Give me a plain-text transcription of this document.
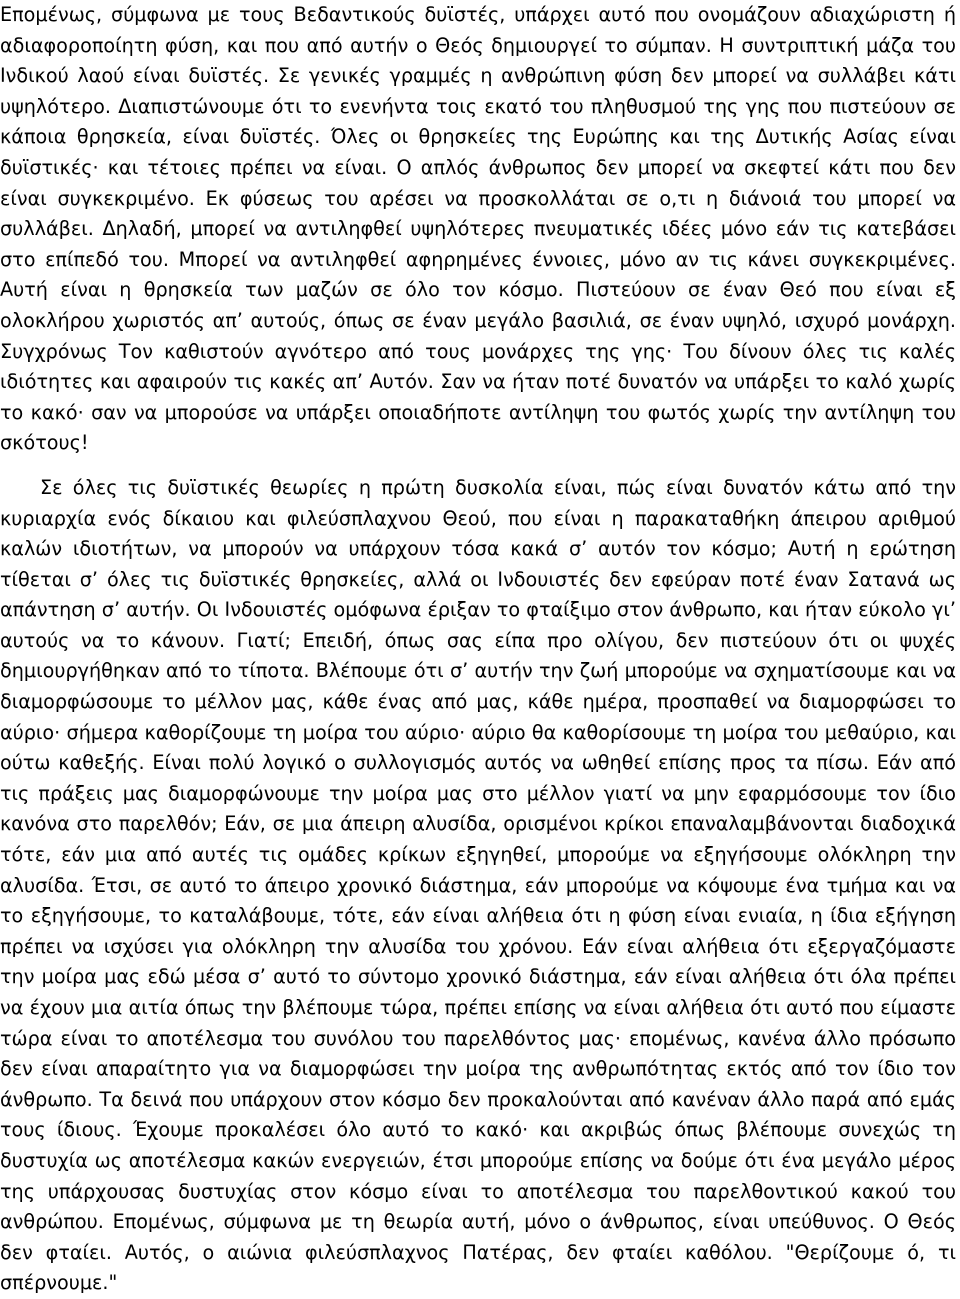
Επομένως, σύμφωνα με τους Βεδαντικούς δυϊστές, υπάρχει αυτό που ονομάζουν αδιαχώριστη ή αδιαφοροποίητη φύση, και που από αυτήν ο Θεός δημιουργεί το σύμπαν. Η συντριπτική μάζα του Ινδικού λαού είναι δυϊστές. Σε γενικές γραμμές η ανθρώπινη φύση δεν μπορεί να συλλάβει κάτι υψηλότερο. Διαπιστώνουμε ότι το ενενήντα τοις εκατό του πληθυσμού της γης που πιστεύουν σε κάποια θρησκεία, είναι δυϊστές. Όλες οι θρησκείες της Ευρώπης και της Δυτικής Ασίας είναι δυϊστικές· και τέτοιες πρέπει να είναι. Ο απλός άνθρωπος δεν μπορεί να σκεφτεί κάτι που δεν είναι συγκεκριμένο. Εκ φύσεως του αρέσει να προσκολλάται σε ο,τι η διάνοιά του μπορεί να συλλάβει. Δηλαδή, μπορεί να αντιληφθεί υψηλότερες πνευματικές ιδέες μόνο εάν τις κατεβάσει στο επίπεδό του. Μπορεί να αντιληφθεί αφηρημένες έννοιες, μόνο αν τις κάνει συγκεκριμένες. Αυτή είναι η θρησκεία των μαζών σε όλο τον κόσμο. Πιστεύουν σε έναν Θεό που είναι εξ ολοκλήρου χωριστός απ’ αυτούς, όπως σε έναν μεγάλο βασιλιά, σε έναν υψηλό, ισχυρό μονάρχη. Συγχρόνως Τον καθιστούν αγνότερο από τους μονάρχες της γης· Του δίνουν όλες τις καλές ιδιότητες και αφαιρούν τις κακές απ’ Αυτόν. Σαν να ήταν ποτέ δυνατόν να υπάρξει το καλό χωρίς το κακό· σαν να μπορούσε να υπάρξει οποιαδήποτε αντίληψη του φωτός χωρίς την αντίληψη του σκότους!

Σε όλες τις δυϊστικές θεωρίες η πρώτη δυσκολία είναι, πώς είναι δυνατόν κάτω από την κυριαρχία ενός δίκαιου και φιλεύσπλαχνου Θεού, που είναι η παρακαταθήκη άπειρου αριθμού καλών ιδιοτήτων, να μπορούν να υπάρχουν τόσα κακά σ’ αυτόν τον κόσμο; Αυτή η ερώτηση τίθεται σ’ όλες τις δυϊστικές θρησκείες, αλλά οι Ινδουιστές δεν εφεύραν ποτέ έναν Σατανά ως απάντηση σ’ αυτήν. Οι Ινδουιστές ομόφωνα έριξαν το φταίξιμο στον άνθρωπο, και ήταν εύκολο γι’ αυτούς να το κάνουν. Γιατί; Επειδή, όπως σας είπα προ ολίγου, δεν πιστεύουν ότι οι ψυχές δημιουργήθηκαν από το τίποτα. Βλέπουμε ότι σ’ αυτήν την ζωή μπορούμε να σχηματίσουμε και να διαμορφώσουμε το μέλλον μας, κάθε ένας από μας, κάθε ημέρα, προσπαθεί να διαμορφώσει το αύριο· σήμερα καθορίζουμε τη μοίρα του αύριο· αύριο θα καθορίσουμε τη μοίρα του μεθαύριο, και ούτω καθεξής. Είναι πολύ λογικό ο συλλογισμός αυτός να ωθηθεί επίσης προς τα πίσω. Εάν από τις πράξεις μας διαμορφώνουμε την μοίρα μας στο μέλλον γιατί να μην εφαρμόσουμε τον ίδιο κανόνα στο παρελθόν; Εάν, σε μια άπειρη αλυσίδα, ορισμένοι κρίκοι επαναλαμβάνονται διαδοχικά τότε, εάν μια από αυτές τις ομάδες κρίκων εξηγηθεί, μπορούμε να εξηγήσουμε ολόκληρη την αλυσίδα. Έτσι, σε αυτό το άπειρο χρονικό διάστημα, εάν μπορούμε να κόψουμε ένα τμήμα και να το εξηγήσουμε, το καταλάβουμε, τότε, εάν είναι αλήθεια ότι η φύση είναι ενιαία, η ίδια εξήγηση πρέπει να ισχύσει για ολόκληρη την αλυσίδα του χρόνου. Εάν είναι αλήθεια ότι εξεργαζόμαστε την μοίρα μας εδώ μέσα σ’ αυτό το σύντομο χρονικό διάστημα, εάν είναι αλήθεια ότι όλα πρέπει να έχουν μια αιτία όπως την βλέπουμε τώρα, πρέπει επίσης να είναι αλήθεια ότι αυτό που είμαστε τώρα είναι το αποτέλεσμα του συνόλου του παρελθόντος μας· επομένως, κανένα άλλο πρόσωπο δεν είναι απαραίτητο για να διαμορφώσει την μοίρα της ανθρωπότητας εκτός από τον ίδιο τον άνθρωπο. Τα δεινά που υπάρχουν στον κόσμο δεν προκαλούνται από κανέναν άλλο παρά από εμάς τους ίδιους. Έχουμε προκαλέσει όλο αυτό το κακό· και ακριβώς όπως βλέπουμε συνεχώς τη δυστυχία ως αποτέλεσμα κακών ενεργειών, έτσι μπορούμε επίσης να δούμε ότι ένα μεγάλο μέρος της υπάρχουσας δυστυχίας στον κόσμο είναι το αποτέλεσμα του παρελθοντικού κακού του ανθρώπου. Επομένως, σύμφωνα με τη θεωρία αυτή, μόνο ο άνθρωπος, είναι υπεύθυνος. Ο Θεός δεν φταίει. Αυτός, ο αιώνια φιλεύσπλαχνος Πατέρας, δεν φταίει καθόλου. "Θερίζουμε ό, τι σπέρνουμε."
